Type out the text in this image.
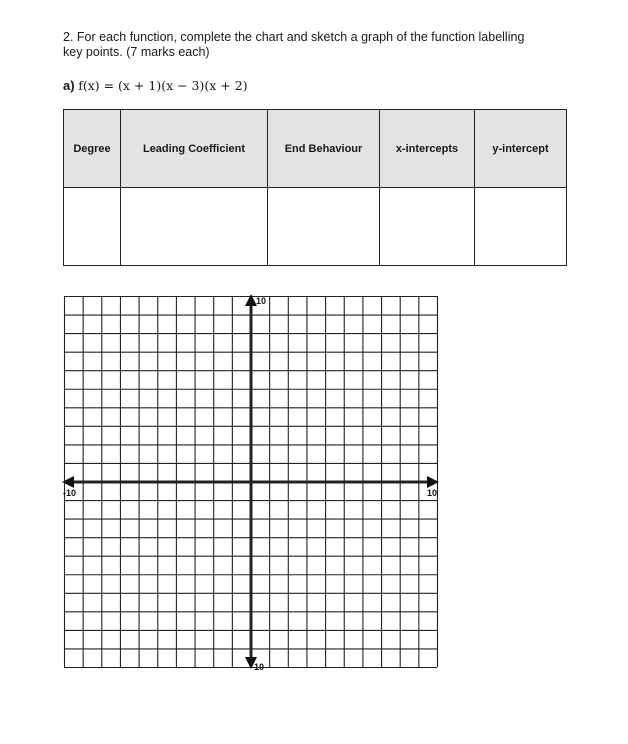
2. For each function, complete the chart and sketch a graph of the function labelling key points. (7 marks each)
a) f(x) = (x + 1)(x − 3)(x + 2)
Degree	Leading Coefficient	End Behaviour	x-intercepts	y-intercept

10
-10	10
-10
